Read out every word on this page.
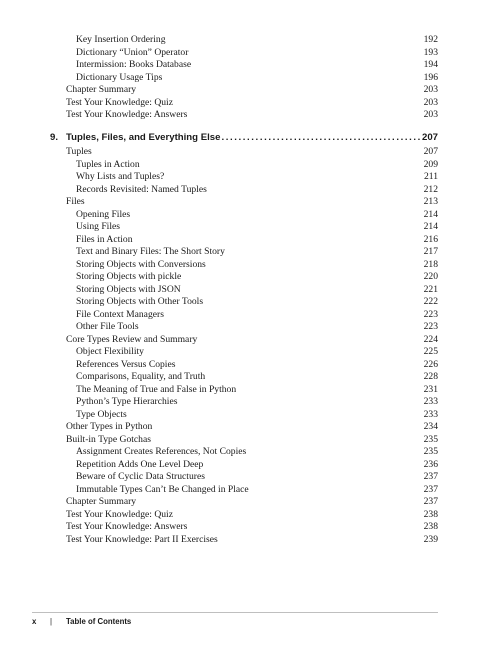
Key Insertion Ordering	192
Dictionary “Union” Operator	193
Intermission: Books Database	194
Dictionary Usage Tips	196
Chapter Summary	203
Test Your Knowledge: Quiz	203
Test Your Knowledge: Answers	203
9. Tuples, Files, and Everything Else .....	207
Tuples	207
Tuples in Action	209
Why Lists and Tuples?	211
Records Revisited: Named Tuples	212
Files	213
Opening Files	214
Using Files	214
Files in Action	216
Text and Binary Files: The Short Story	217
Storing Objects with Conversions	218
Storing Objects with pickle	220
Storing Objects with JSON	221
Storing Objects with Other Tools	222
File Context Managers	223
Other File Tools	223
Core Types Review and Summary	224
Object Flexibility	225
References Versus Copies	226
Comparisons, Equality, and Truth	228
The Meaning of True and False in Python	231
Python’s Type Hierarchies	233
Type Objects	233
Other Types in Python	234
Built-in Type Gotchas	235
Assignment Creates References, Not Copies	235
Repetition Adds One Level Deep	236
Beware of Cyclic Data Structures	237
Immutable Types Can’t Be Changed in Place	237
Chapter Summary	237
Test Your Knowledge: Quiz	238
Test Your Knowledge: Answers	238
Test Your Knowledge: Part II Exercises	239
x | Table of Contents
